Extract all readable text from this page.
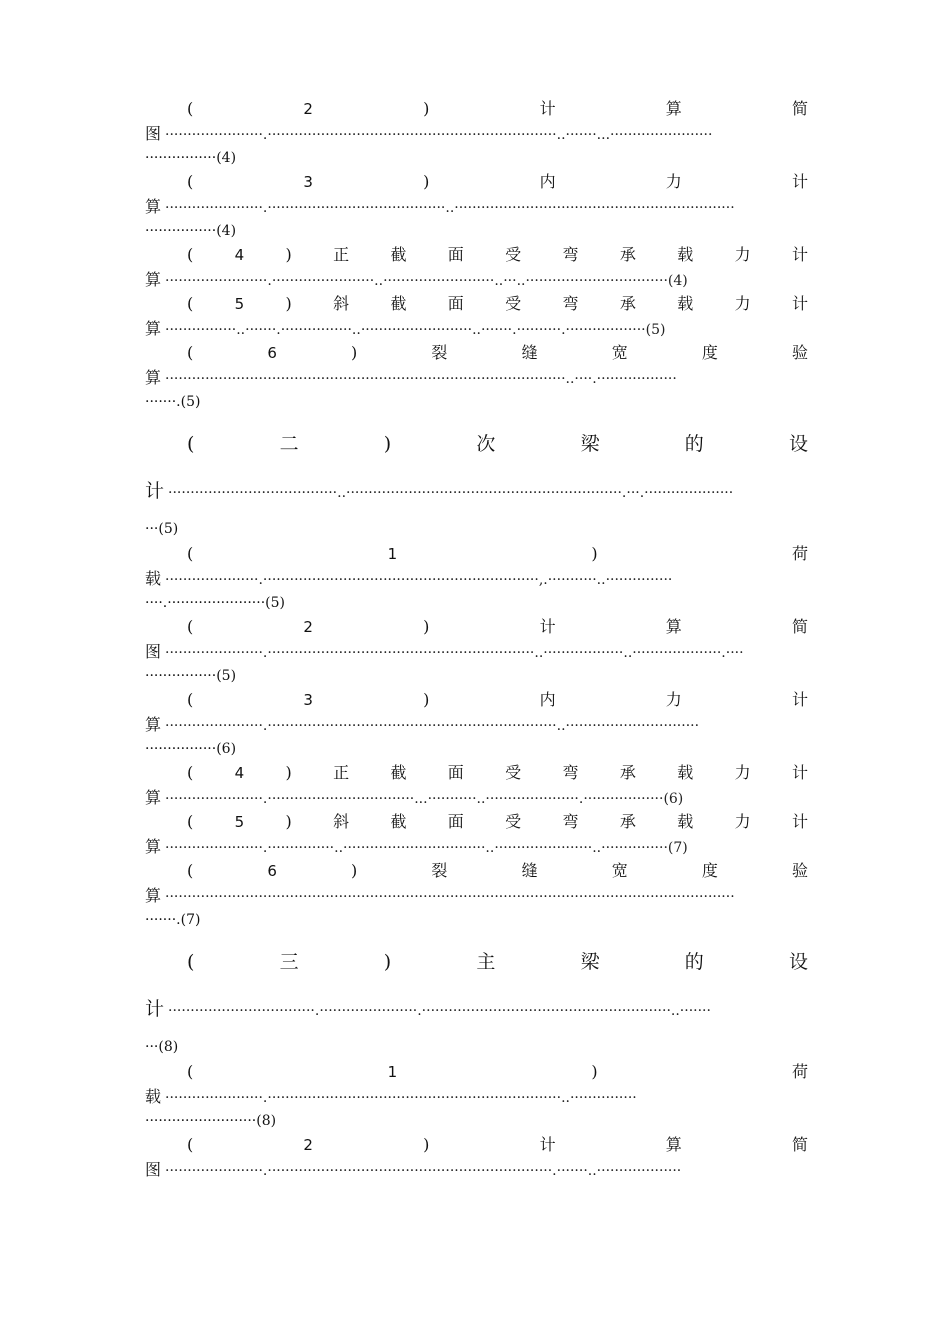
(	2	)	计	算	简
图 ······················.·································································..·······...·······················
················(4)
(	3	)	内	力	计
算 ······················.········································..·······························································
················(4)
(	4	)	正	截	面	受	弯	承	载	力	计
算 ·······················.·······················..·························..···..································(4)
(	5	)	斜	截	面	受	弯	承	载	力	计
算 ················..·······.················..·························..·······.··········.··················(5)
(	6	)	裂	缝	宽	度	验
算 ··························································································..····.··················
·······.(5)
(	二	)	次	梁	的	设
计 ······································..······························································.···.····················
···(5)
(	1	)	荷
载 ·····················.······························································,.···········..···············
····.······················(5)
(	2	)	计	算	简
图 ······················.····························································..··················..····················.····
················(5)
(	3	)	内	力	计
算 ······················.·································································..······························
················(6)
(	4	)	正	截	面	受	弯	承	载	力	计
算 ······················.·································...···········..·····················.··················(6)
(	5	)	斜	截	面	受	弯	承	载	力	计
算 ······················.···············..································..······················..···············(7)
(	6	)	裂	缝	宽	度	验
算 ································································································································
·······.(7)
(	三	)	主	梁	的	设
计 ·································.······················.························································..·······
···(8)
(	1	)	荷
载 ······················.··································································..···············
·························(8)
(	2	)	计	算	简
图 ······················.································································.·······..···················
